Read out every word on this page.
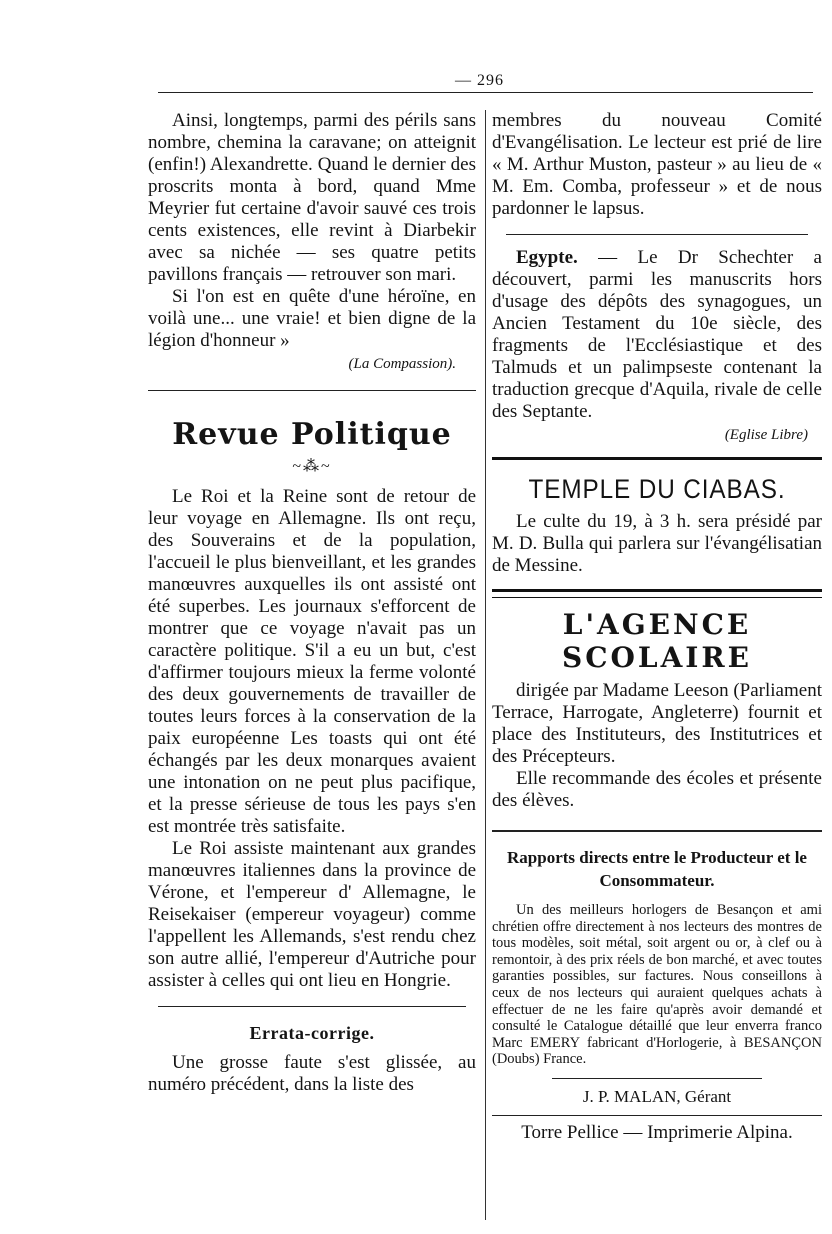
— 296

Ainsi, longtemps, parmi des périls sans nombre, chemina la caravane; on atteignit (enfin!) Alexandrette. Quand le dernier des proscrits monta à bord, quand Mme Meyrier fut certaine d'avoir sauvé ces trois cents existences, elle revint à Diarbekir avec sa nichée — ses quatre petits pavillons français — retrouver son mari.

Si l'on est en quête d'une héroïne, en voilà une... une vraie! et bien digne de la légion d'honneur »

(La Compassion).

Revue Politique

~⁂~

Le Roi et la Reine sont de retour de leur voyage en Allemagne. Ils ont reçu, des Souverains et de la population, l'accueil le plus bienveillant, et les grandes manœuvres auxquelles ils ont assisté ont été superbes. Les journaux s'efforcent de montrer que ce voyage n'avait pas un caractère politique. S'il a eu un but, c'est d'affirmer toujours mieux la ferme volonté des deux gouvernements de travailler de toutes leurs forces à la conservation de la paix européenne Les toasts qui ont été échangés par les deux monarques avaient une intonation on ne peut plus pacifique, et la presse sérieuse de tous les pays s'en est montrée très satisfaite.

Le Roi assiste maintenant aux grandes manœuvres italiennes dans la province de Vérone, et l'empereur d' Allemagne, le Reisekaiser (empereur voyageur) comme l'appellent les Allemands, s'est rendu chez son autre allié, l'empereur d'Autriche pour assister à celles qui ont lieu en Hongrie.

Errata-corrige.

Une grosse faute s'est glissée, au numéro précédent, dans la liste des

membres du nouveau Comité d'Evangélisation. Le lecteur est prié de lire « M. Arthur Muston, pasteur » au lieu de « M. Em. Comba, professeur » et de nous pardonner le lapsus.

Egypte. — Le Dr Schechter a découvert, parmi les manuscrits hors d'usage des dépôts des synagogues, un Ancien Testament du 10e siècle, des fragments de l'Ecclésiastique et des Talmuds et un palimpseste contenant la traduction grecque d'Aquila, rivale de celle des Septante.

(Eglise Libre)

TEMPLE DU CIABAS.

Le culte du 19, à 3 h. sera présidé par M. D. Bulla qui parlera sur l'évangélisatian de Messine.

L'AGENCE SCOLAIRE

dirigée par Madame Leeson (Parliament Terrace, Harrogate, Angleterre) fournit et place des Instituteurs, des Institutrices et des Précepteurs.

Elle recommande des écoles et présente des élèves.

Rapports directs entre le Producteur et le Consommateur.

Un des meilleurs horlogers de Besançon et ami chrétien offre directement à nos lecteurs des montres de tous modèles, soit métal, soit argent ou or, à clef ou à remontoir, à des prix réels de bon marché, et avec toutes garanties possibles, sur factures. Nous conseillons à ceux de nos lecteurs qui auraient quelques achats à effectuer de ne les faire qu'après avoir demandé et consulté le Catalogue détaillé que leur enverra franco Marc EMERY fabricant d'Horlogerie, à BESANÇON (Doubs) France.

J. P. MALAN, Gérant

Torre Pellice — Imprimerie Alpina.
